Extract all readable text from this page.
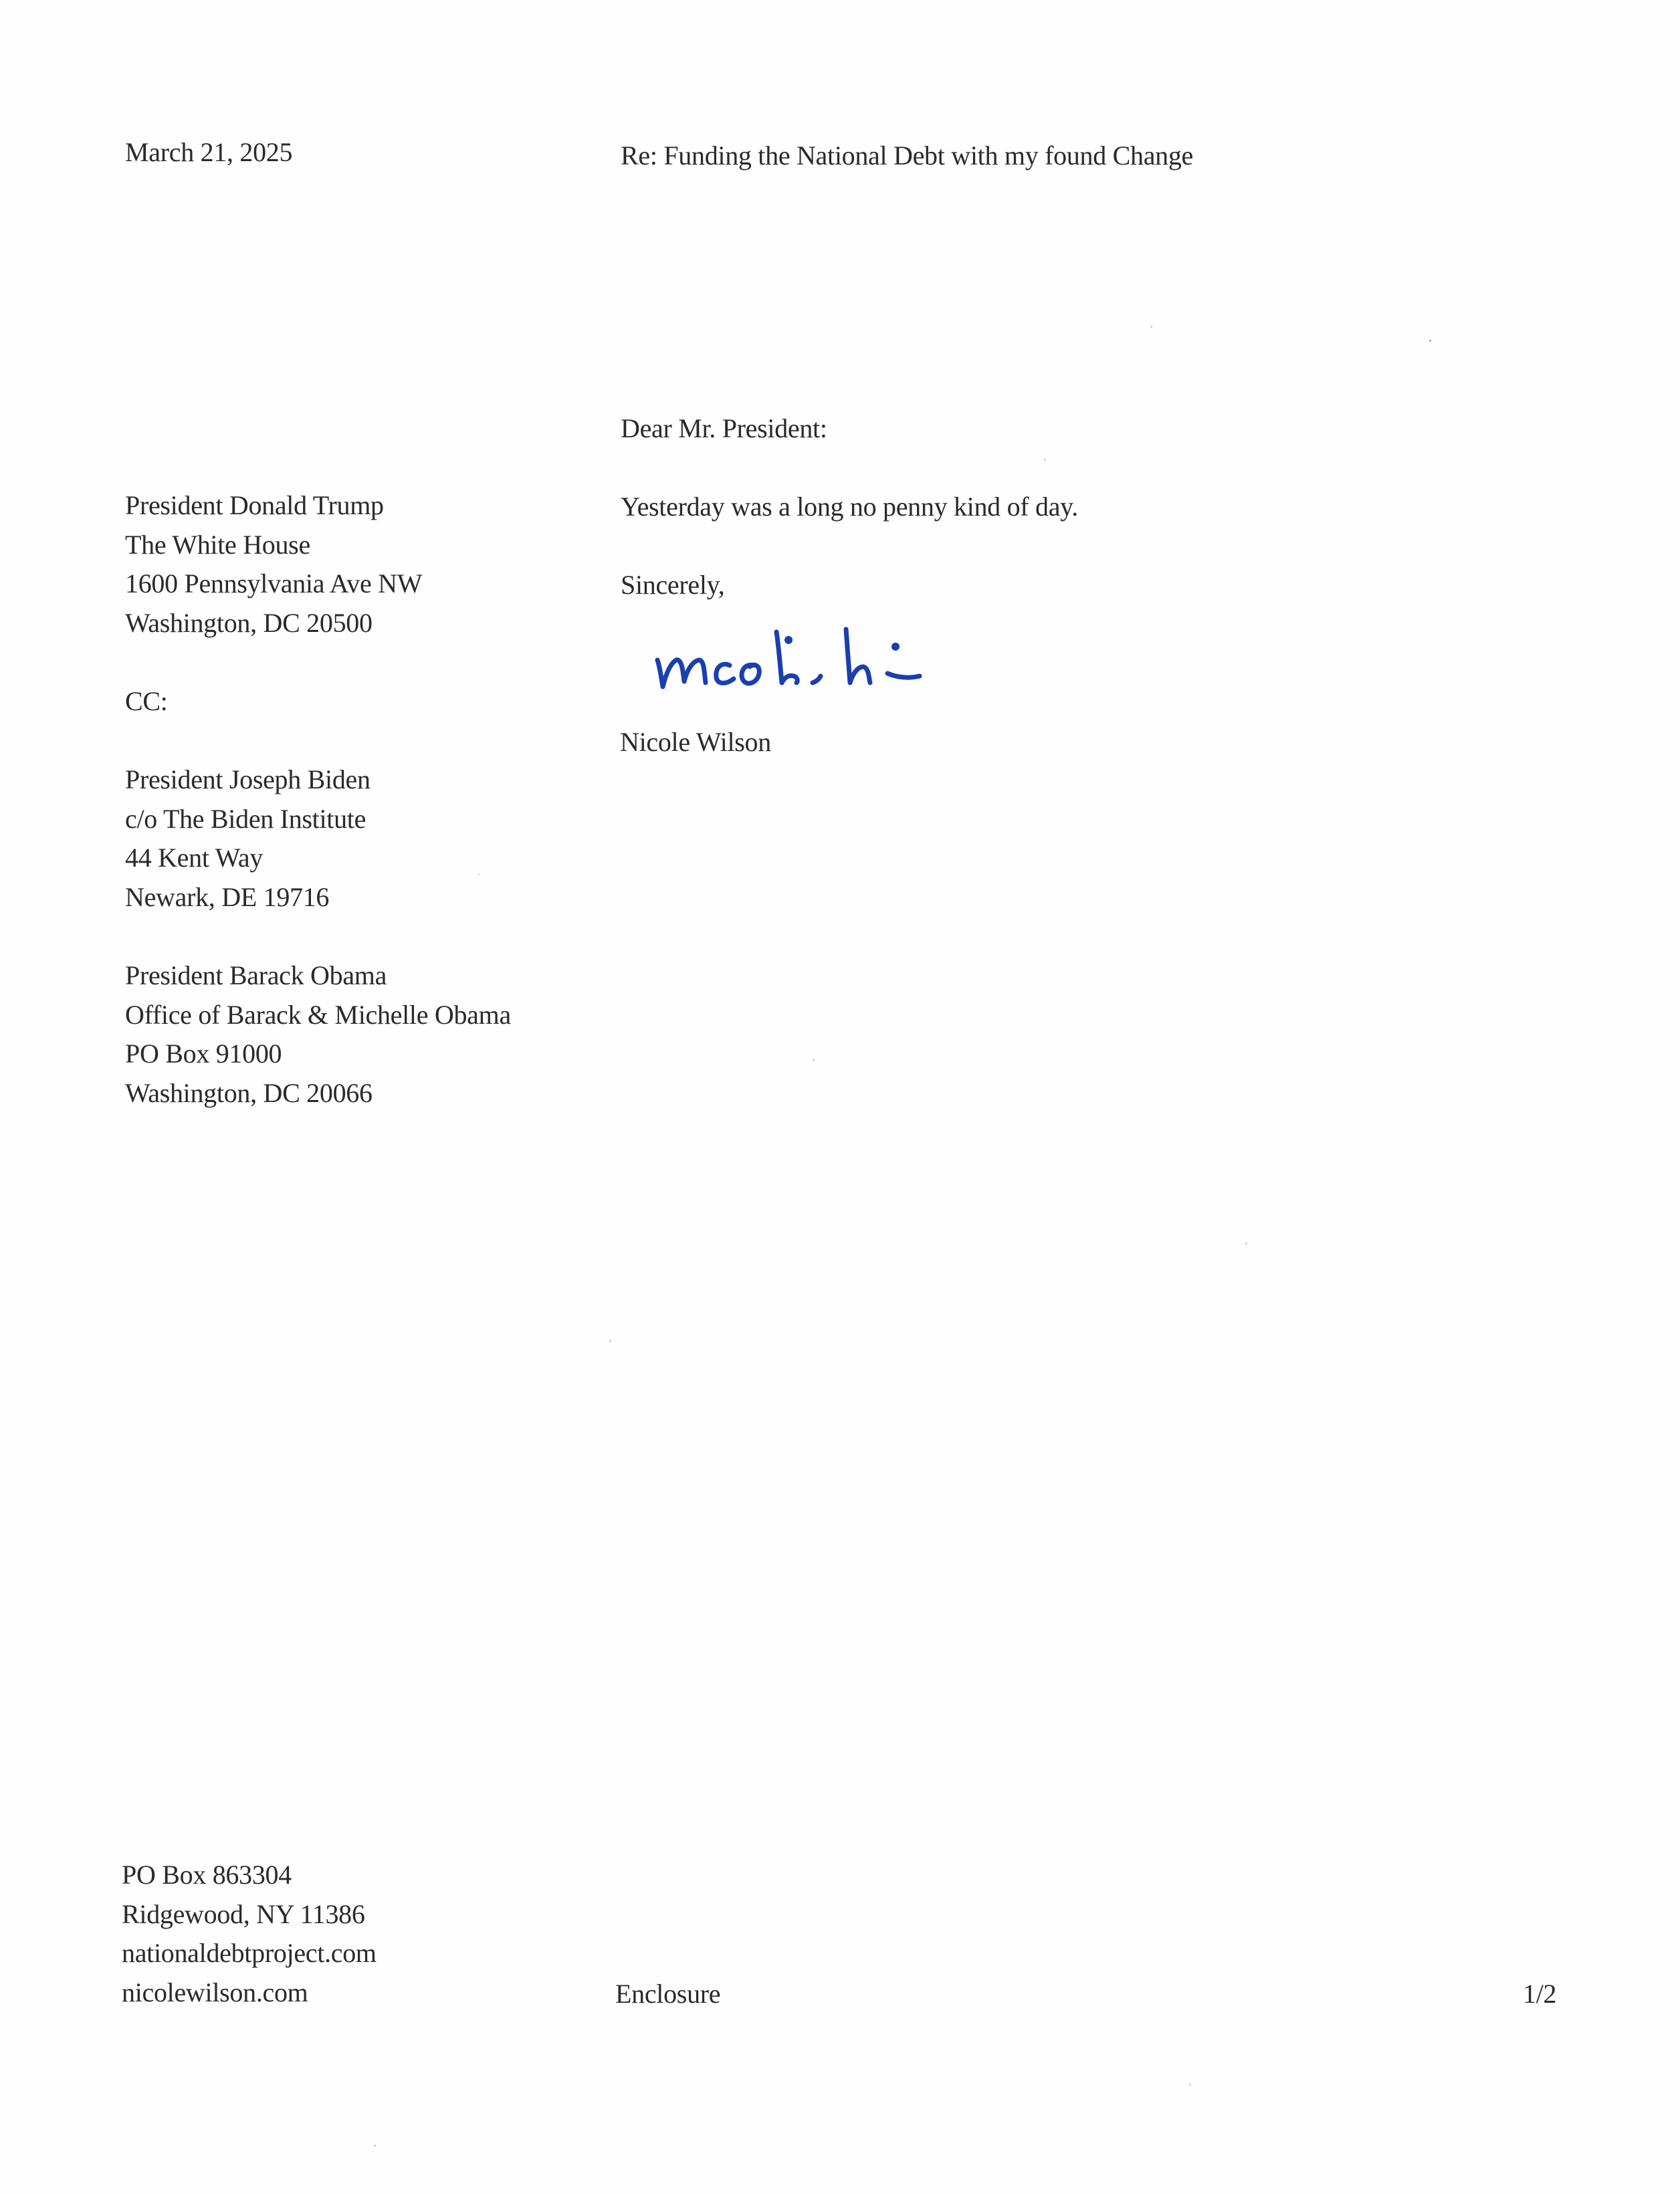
March 21, 2025	Re: Funding the National Debt with my found Change
Dear Mr. President:
President Donald Trump
The White House
1600 Pennsylvania Ave NW
Washington, DC 20500
Yesterday was a long no penny kind of day.
Sincerely,
CC:
Nicole Wilson
President Joseph Biden
c/o The Biden Institute
44 Kent Way
Newark, DE 19716
President Barack Obama
Office of Barack & Michelle Obama
PO Box 91000
Washington, DC 20066
PO Box 863304
Ridgewood, NY 11386
nationaldebtproject.com
nicolewilson.com	Enclosure	1/2
